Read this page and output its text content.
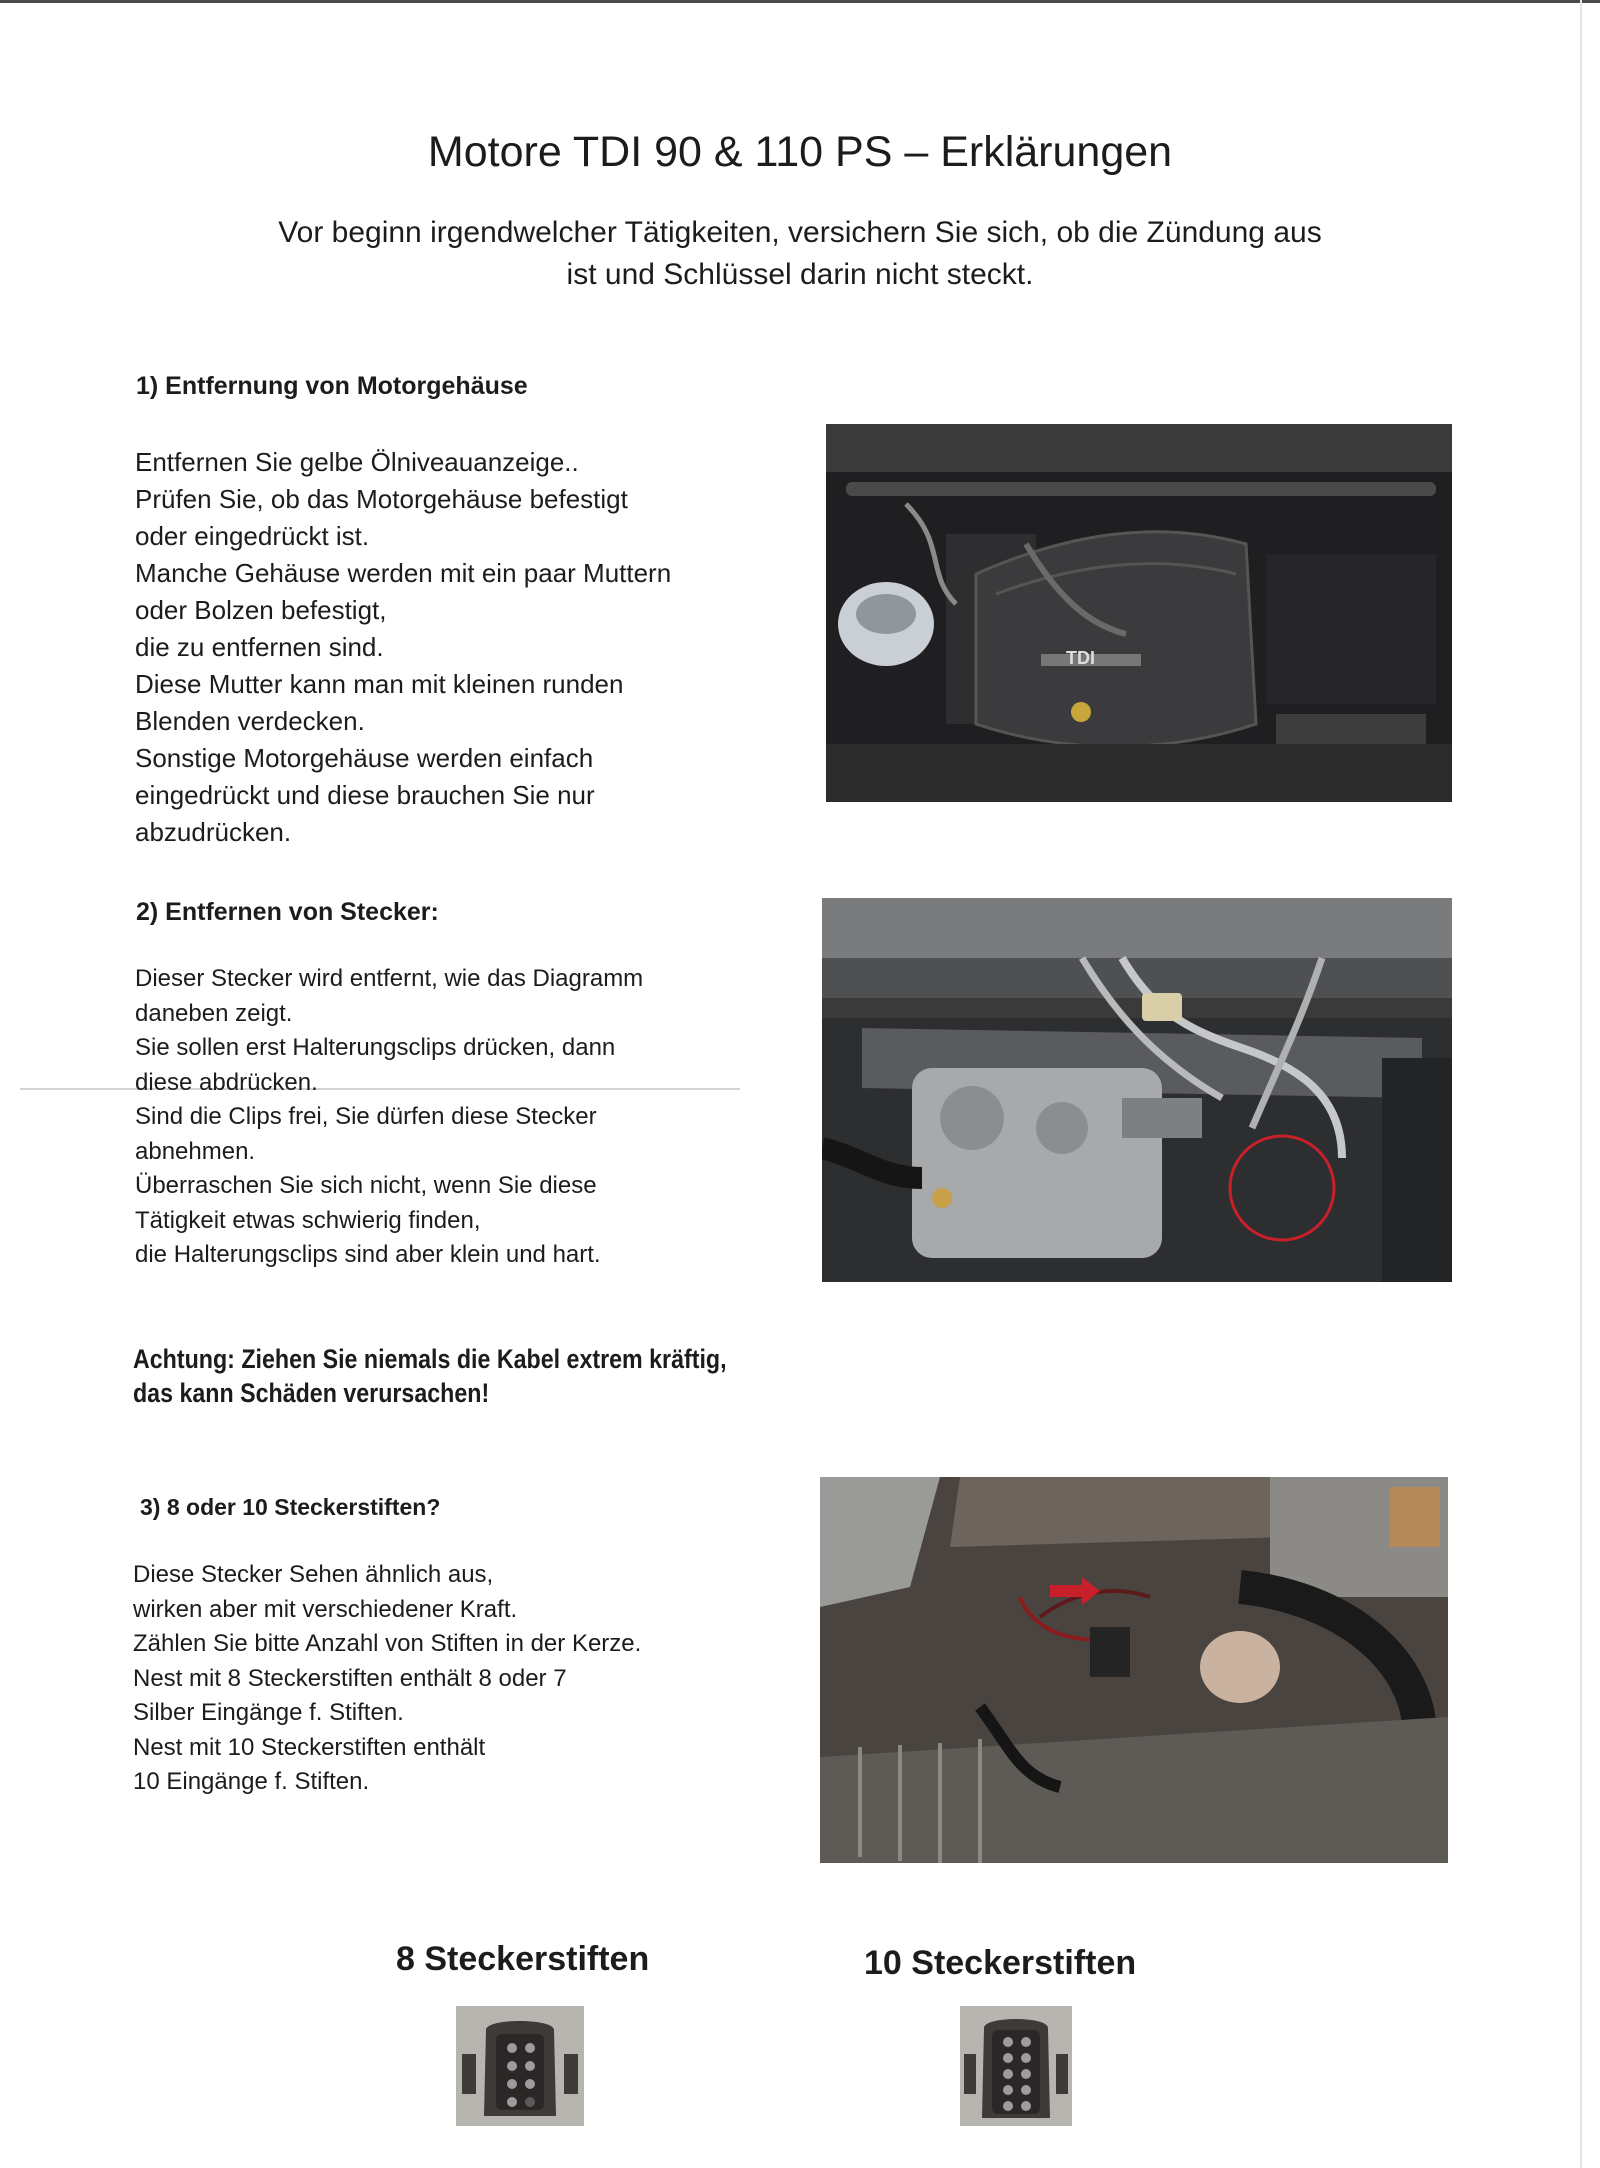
Motore TDI 90 & 110 PS – Erklärungen
Vor beginn irgendwelcher Tätigkeiten, versichern Sie sich, ob die Zündung aus
ist und Schlüssel darin nicht steckt.
1) Entfernung von Motorgehäuse
Entfernen Sie gelbe Ölniveauanzeige..
Prüfen Sie, ob das Motorgehäuse befestigt
oder eingedrückt ist.
Manche Gehäuse werden mit ein paar Muttern
oder Bolzen befestigt,
die zu entfernen sind.
Diese Mutter kann man mit kleinen runden
Blenden verdecken.
Sonstige Motorgehäuse werden einfach
eingedrückt und diese brauchen Sie nur
abzudrücken.
TDI
2) Entfernen von Stecker:
Dieser Stecker wird entfernt, wie das Diagramm
daneben zeigt.
Sie sollen erst Halterungsclips drücken, dann
diese abdrücken.
Sind die Clips frei, Sie dürfen diese Stecker
abnehmen.
Überraschen Sie sich nicht, wenn Sie diese
Tätigkeit etwas schwierig finden,
die Halterungsclips sind aber klein und hart.
Achtung: Ziehen Sie niemals die Kabel extrem kräftig,
das kann Schäden verursachen!
3) 8 oder 10 Steckerstiften?
Diese Stecker Sehen ähnlich aus,
wirken aber mit verschiedener Kraft.
Zählen Sie bitte Anzahl von Stiften in der Kerze.
Nest mit 8 Steckerstiften enthält 8 oder 7
Silber Eingänge f. Stiften.
Nest mit 10 Steckerstiften enthält
10 Eingänge f. Stiften.
8 Steckerstiften	10 Steckerstiften
